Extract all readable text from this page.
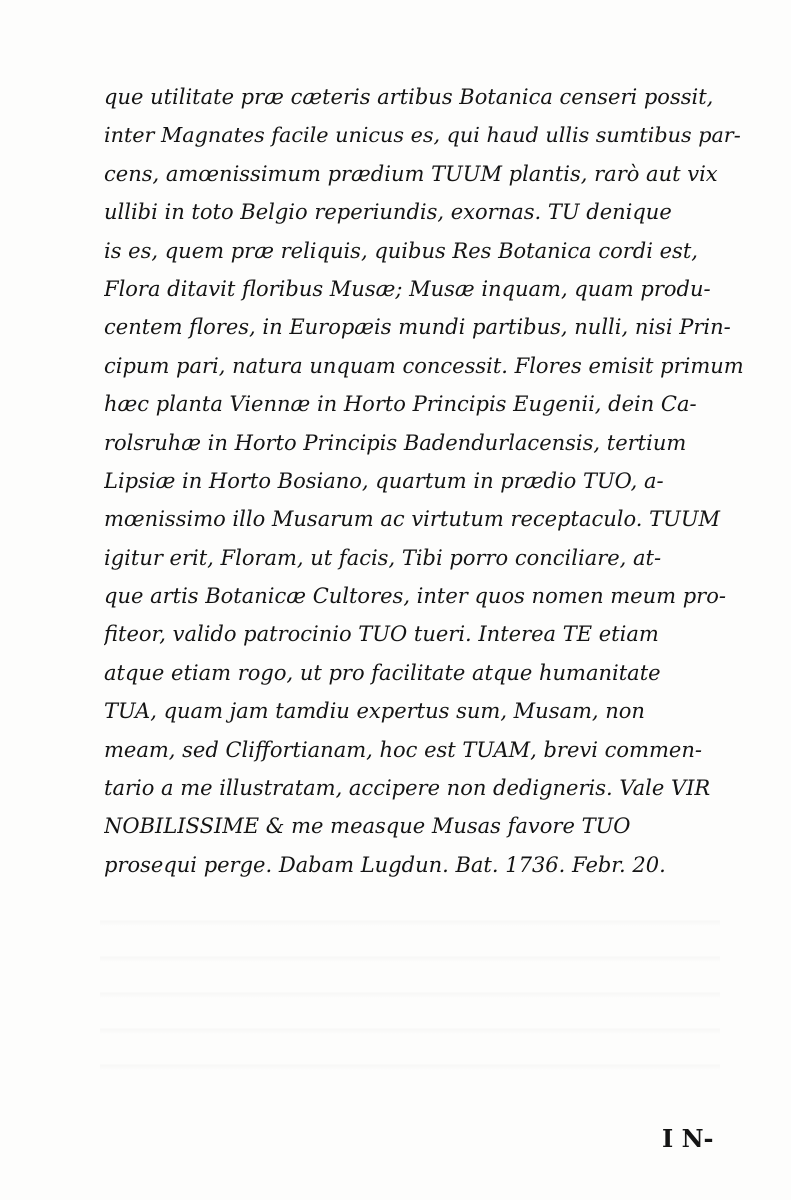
que utilitate præ cæteris artibus Botanica censeri possit,
inter Magnates facile unicus es, qui haud ullis sumtibus par-
cens, amœnissimum prædium TUUM plantis, rarò aut vix
ullibi in toto Belgio reperiundis, exornas. TU denique
is es, quem præ reliquis, quibus Res Botanica cordi est,
Flora ditavit floribus Musæ; Musæ inquam, quam produ-
centem flores, in Europæis mundi partibus, nulli, nisi Prin-
cipum pari, natura unquam concessit. Flores emisit primum
hæc planta Viennæ in Horto Principis Eugenii, dein Ca-
rolsruhæ in Horto Principis Badendurlacensis, tertium
Lipsiæ in Horto Bosiano, quartum in prædio TUO, a-
mœnissimo illo Musarum ac virtutum receptaculo. TUUM
igitur erit, Floram, ut facis, Tibi porro conciliare, at-
que artis Botanicæ Cultores, inter quos nomen meum pro-
fiteor, valido patrocinio TUO tueri. Interea TE etiam
atque etiam rogo, ut pro facilitate atque humanitate
TUA, quam jam tamdiu expertus sum, Musam, non
meam, sed Cliffortianam, hoc est TUAM, brevi commen-
tario a me illustratam, accipere non dedigneris. Vale VIR
NOBILISSIME & me measque Musas favore TUO
prosequi perge. Dabam Lugdun. Bat. 1736. Febr. 20.
I N-
